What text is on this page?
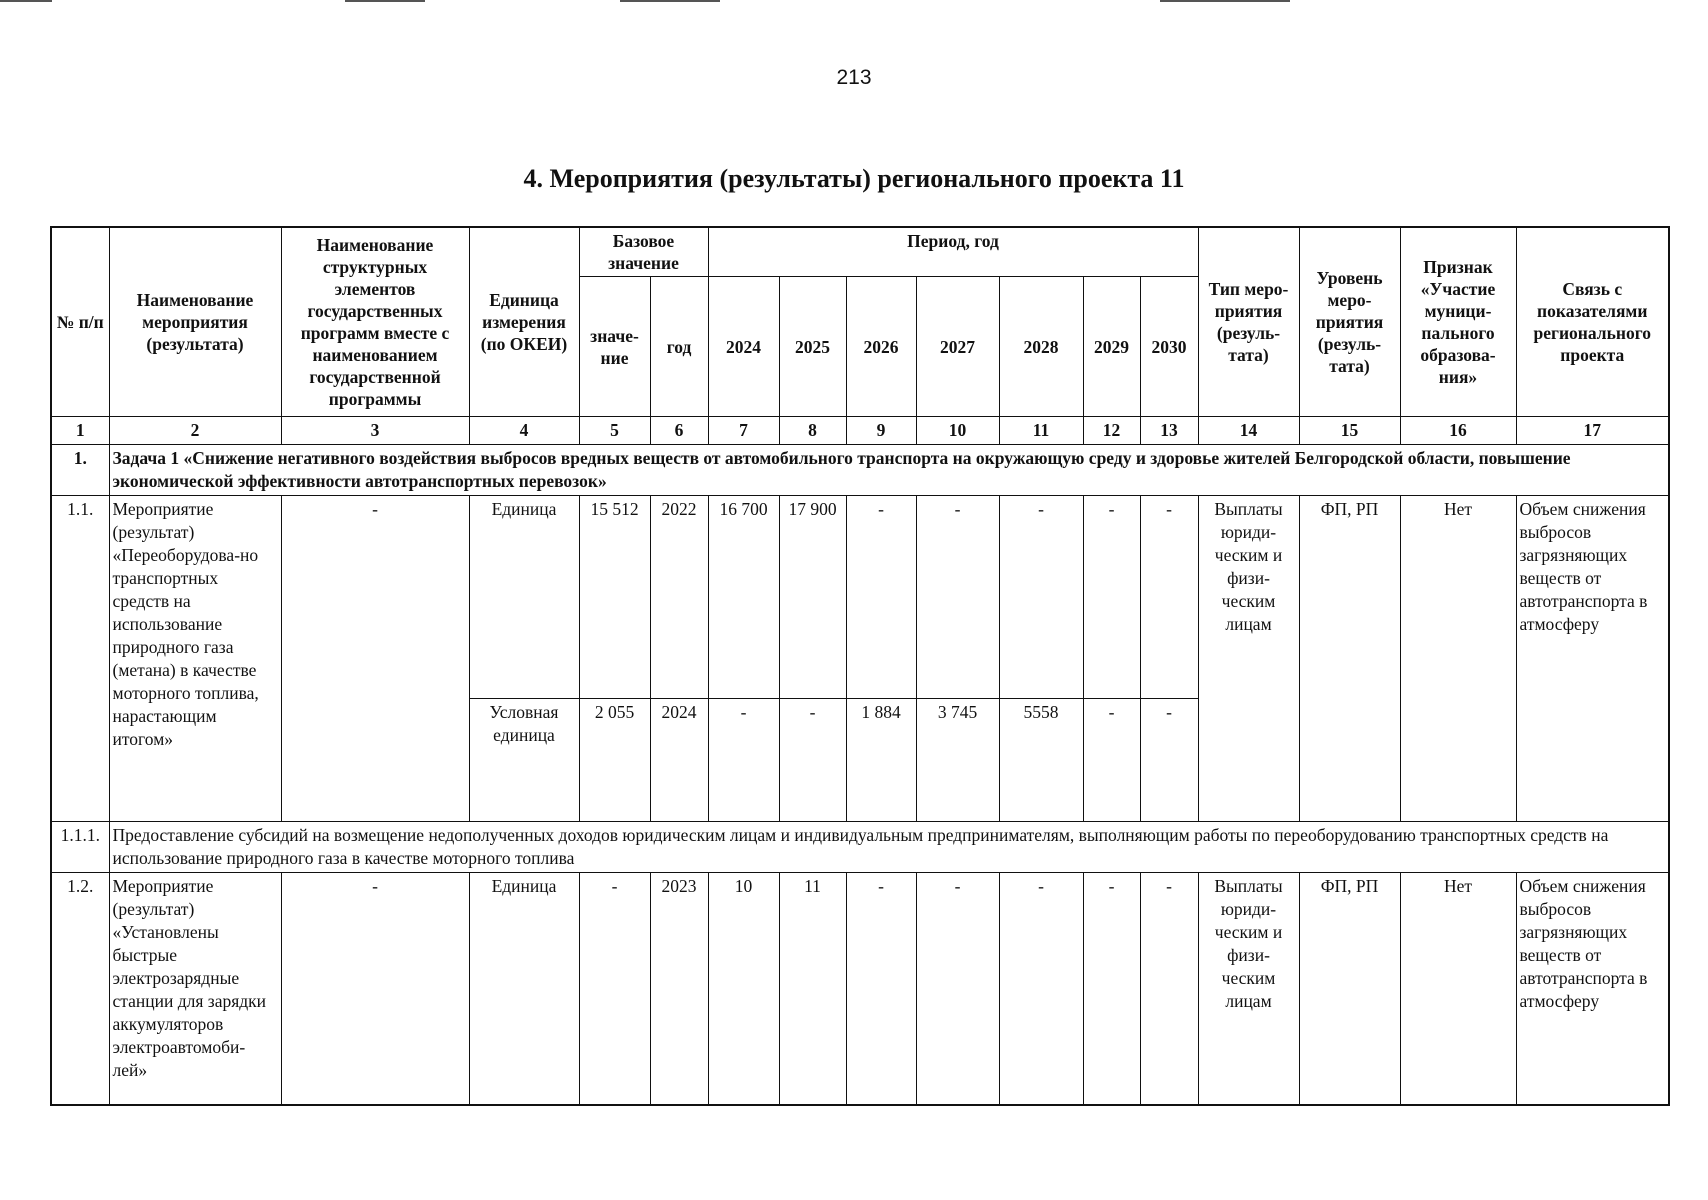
213
4. Мероприятия (результаты) регионального проекта 11
№ п/п	Наименование мероприятия (результата)	Наименование структурных элементов государственных программ вместе с наименованием государственной программы	Единица измерения (по ОКЕИ)	Базовое значение		Период, год							Тип меро-приятия (резуль-тата)	Уровень меро-приятия (резуль-тата)	Признак «Участие муници-пального образова-ния»	Связь с показателями регионального проекта
				значе-ние	год	2024	2025	2026	2027	2028	2029	2030				
1	2	3	4	5	6	7	8	9	10	11	12	13	14	15	16	17
1.	Задача 1 «Снижение негативного воздействия выбросов вредных веществ от автомобильного транспорта на окружающую среду и здоровье жителей Белгородской области, повышение экономической эффективности автотранспортных перевозок»															
1.1.	Мероприятие (результат) «Переоборудова-но транспортных средств на использование природного газа (метана) в качестве моторного топлива, нарастающим итогом»	-	Единица	15 512	2022	16 700	17 900	-	-	-	-	-	Выплаты юриди-ческим и физи-ческим лицам	ФП, РП	Нет	Объем снижения выбросов загрязняющих веществ от автотранспорта в атмосферу
			Условная единица	2 055	2024	-	-	1 884	3 745	5558	-	-				
1.1.1.	Предоставление субсидий на возмещение недополученных доходов юридическим лицам и индивидуальным предпринимателям, выполняющим работы по переоборудованию транспортных средств на использование природного газа в качестве моторного топлива															
1.2.	Мероприятие (результат) «Установлены быстрые электрозарядные станции для зарядки аккумуляторов электроавтомоби-лей»	-	Единица	-	2023	10	11	-	-	-	-	-	Выплаты юриди-ческим и физи-ческим лицам	ФП, РП	Нет	Объем снижения выбросов загрязняющих веществ от автотранспорта в атмосферу
